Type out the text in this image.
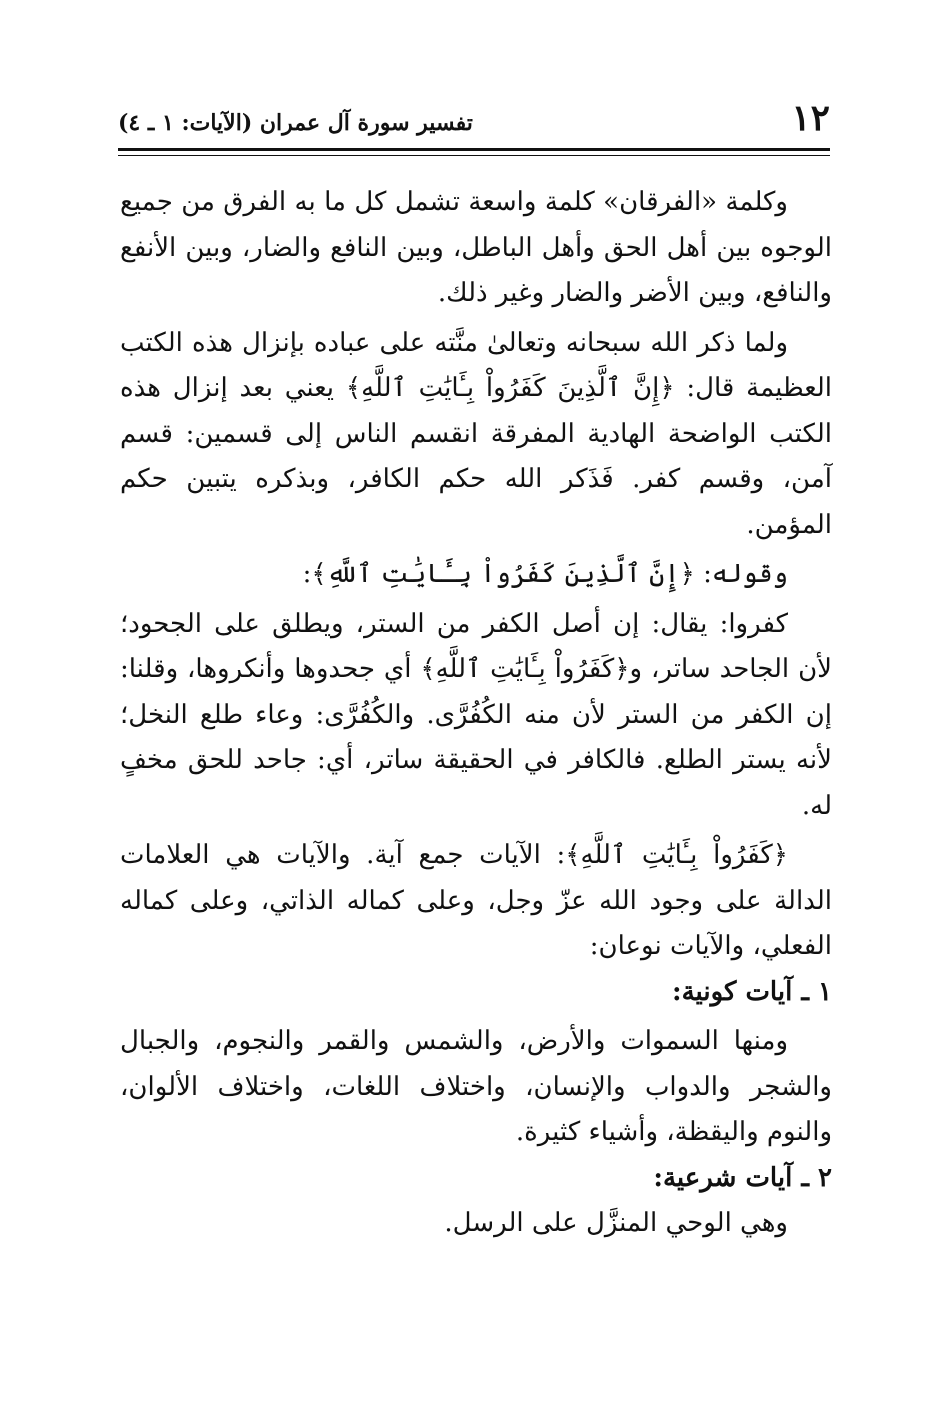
١٢
تفسير سورة آل عمران (الآيات: ١ ـ ٤)

وكلمة «الفرقان» كلمة واسعة تشمل كل ما به الفرق من جميع الوجوه بين أهل الحق وأهل الباطل، وبين النافع والضار، وبين الأنفع والنافع، وبين الأضر والضار وغير ذلك.

ولما ذكر الله سبحانه وتعالىٰ منَّته على عباده بإنزال هذه الكتب العظيمة قال: ﴿إِنَّ ٱلَّذِينَ كَفَرُواْ بِـَٔايَٰتِ ٱللَّهِ﴾ يعني بعد إنزال هذه الكتب الواضحة الهادية المفرقة انقسم الناس إلى قسمين: قسم آمن، وقسم كفر. فَذَكر الله حكم الكافر، وبذكره يتبين حكم المؤمن.

وقوله: ﴿إِنَّ ٱلَّذِينَ كَفَرُواْ بِـَٔايَٰتِ ٱللَّهِ﴾:

كفروا: يقال: إن أصل الكفر من الستر، ويطلق على الجحود؛ لأن الجاحد ساتر، و﴿كَفَرُواْ بِـَٔايَٰتِ ٱللَّهِ﴾ أي جحدوها وأنكروها، وقلنا: إن الكفر من الستر لأن منه الكُفُرَّى. والكُفُرَّى: وعاء طلع النخل؛ لأنه يستر الطلع. فالكافر في الحقيقة ساتر، أي: جاحد للحق مخفٍ له.

﴿كَفَرُواْ بِـَٔايَٰتِ ٱللَّهِ﴾: الآيات جمع آية. والآيات هي العلامات الدالة على وجود الله عزّ وجل، وعلى كماله الذاتي، وعلى كماله الفعلي، والآيات نوعان:

١ ـ آيات كونية:

ومنها السموات والأرض، والشمس والقمر والنجوم، والجبال والشجر والدواب والإنسان، واختلاف اللغات، واختلاف الألوان، والنوم واليقظة، وأشياء كثيرة.

٢ ـ آيات شرعية:

وهي الوحي المنزَّل على الرسل.
